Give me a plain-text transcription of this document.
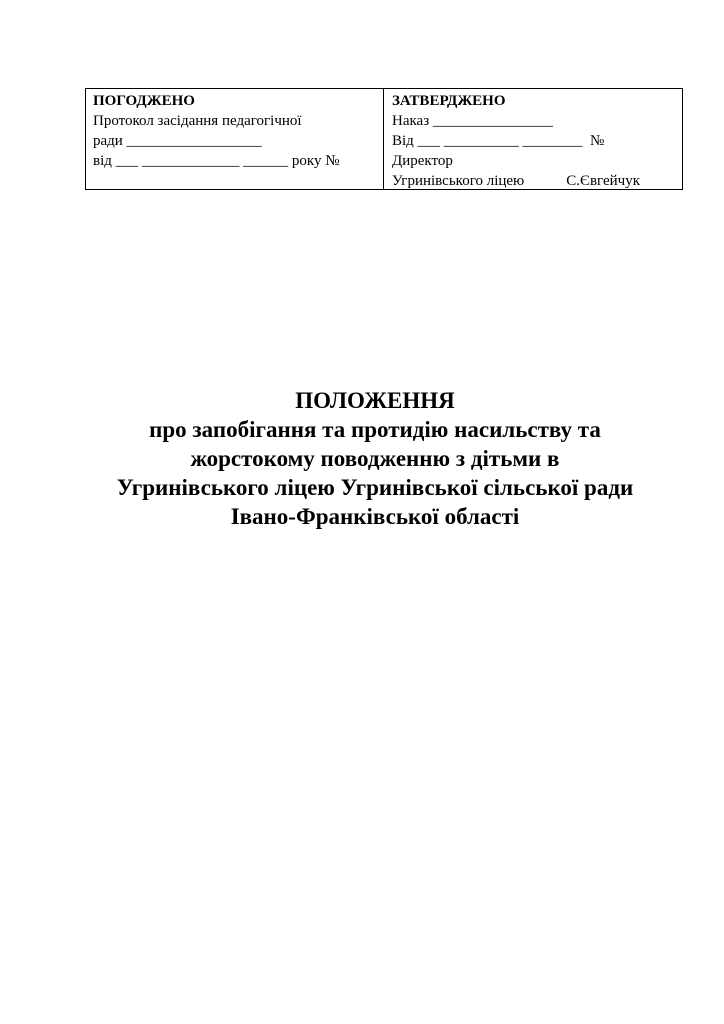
ПОГОДЖЕНО
Протокол засідання педагогічної
ради __________________
від ___ _____________ ______ року №
ЗАТВЕРДЖЕНО
Наказ ________________
Від ___ __________ ________  №
Директор
Угринівського ліцею	С.Євгейчук
ПОЛОЖЕННЯ
про запобігання та протидію насильству та
жорстокому поводженню з дітьми в
Угринівського ліцею Угринівської сільської ради
Івано-Франківської області
